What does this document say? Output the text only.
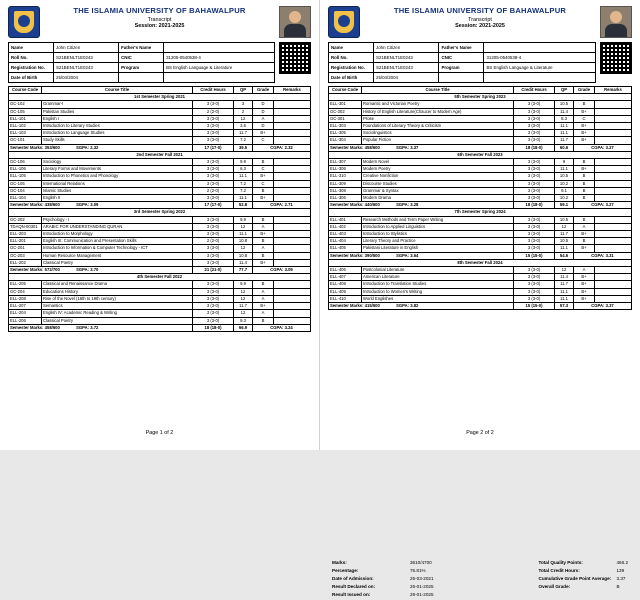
THE ISLAMIA UNIVERSITY OF BAHAWALPUR
Transcript
Session: 2021-2025
Name	John Citizen	Father's Name	
Roll No.	S21BENLT1E0243	CNIC	31205-0540538-4
Registration No.	S21BENLT1E0243	Program	BS English Language & Literature
Date of Birth	25/04/2004		
Course Code	Course Title	Credit Hours	QP	Grade	Remarks
1st Semester Spring 2021					
GC-102	Grammar-I	3 (3-0)	3	D	
GC-105	Pakistan Studies	2 (2-0)	2	D	
ELL-101	English I	3 (3-0)	12	A	
ELL-102	Introduction to Literary Studies	3 (3-0)	3.6	D	
ELL-103	Introduction to Language Studies	3 (3-0)	11.7	B+	
GC-101	Study Skills	3 (3-0)	7.2	C	
Semester Marks: 353/600              SGPA: 2.32		17 (17-0)	39.5	CGPA: 2.32	
2nd Semester Fall 2021					
GC-106	Sociology	3 (3-0)	9.9	B	
ELL-106	Literary Forms and Movements	3 (3-0)	6.3	C	
ELL-105	Introduction to Phonetics and Phonology	3 (3-0)	11.1	B+	
GC-105	International Relations	3 (3-0)	7.2	C	
GC-104	Islamic Studies	2 (2-0)	7.2	B	
ELL-104	English II	3 (3-0)	11.1	B+	
Semester Marks: 438/600              SGPA: 3.09		17 (17-0)	52.8	CGPA: 2.71	
3rd Semester Spring 2022					
GC-202	Psychology - I	3 (3-0)	9.9	B	
TDAQN-00301	ARABIC FOR UNDERSTANDING QURAN	3 (3-0)	12	A	
ELL-203	Introduction to Morphology	3 (3-0)	11.1	B+	
ELL-201	English III: Communication and Presentation Skills	2 (2-0)	10.8	B	
GC-201	Introduction to Information & Computer Technology - ICT	3 (3-0)	12	A	
GC-203	Human Resource Management	3 (3-0)	10.8	B	
ELL-202	Classical Poetry	3 (3-0)	11.4	B+	
Semester Marks: 572/700              SGPA: 3.70		21 (21-0)	77.7	CGPA: 3.09	
4th Semester Fall 2022					
ELL-205	Classical and Renaissance Drama	3 (3-0)	9.9	B	
GC-204	Educations History	3 (3-0)	12	A	
ELL-208	Rise of the Novel (18th to 19th century)	3 (3-0)	12	A	
ELL-207	Semantics	3 (3-0)	11.7	B+	
ELL-204	English IV: Academic Reading & Writing	3 (3-0)	12	A	
ELL-206	Classical Poetry	3 (3-0)	9.3	B	
Semester Marks: 458/600              SGPA: 3.72		18 (18-0)	66.9	CGPA: 3.24	
Page 1 of 2
THE ISLAMIA UNIVERSITY OF BAHAWALPUR
Transcript
Session: 2021-2025
Name	John Citizen	Father's Name	
Roll No.	S21BENLT1E0243	CNIC	31205-0540538-4
Registration No.	S21BENLT1E0243	Program	BS English Language & Literature
Date of Birth	25/04/2004		
Course Code	Course Title	Credit Hours	QP	Grade	Remarks
5th Semester Spring 2023					
ELL-301	Romantic and Victorian Poetry	3 (3-0)	10.5	B	
GC-302	History of English Literature(Chaucer to Modern Age)	3 (3-0)	11.4	B+	
GC-301	Prose	3 (3-0)	8.3	C	
ELL-303	Foundations of Literary Theory & Criticism	3 (3-0)	11.1	B+	
ELL-305	Sociolinguistics	3 (3-0)	11.1	B+	
ELL-304	Popular Fiction	3 (3-0)	11.7	B+	
Semester Marks: 458/600              SGPA: 3.37		18 (18-0)	60.6	CGPA: 3.27	
6th Semester Fall 2023					
ELL-307	Modern Novel	3 (3-0)	9	B	
ELL-306	Modern Poetry	3 (3-0)	11.1	B+	
ELL-310	Creative Nonfiction	3 (3-0)	10.5	B	
ELL-309	Discourse Studies	3 (3-0)	10.2	B	
ELL-308	Grammar & Syntax	3 (3-0)	9.1	B	
ELL-306	Modern Drama	3 (3-0)	10.2	B	
Semester Marks: 440/600              SGPA: 3.28		18 (18-0)	59.1	CGPA: 3.27	
7th Semester Spring 2024					
ELL-401	Research Methods and Term Paper Writing	3 (3-0)	10.5	B	
ELL-402	Introduction to Applied Linguistics	3 (3-0)	12	A	
ELL-403	Introduction to Stylistics	3 (3-0)	11.7	B+	
ELL-404	Literary Theory and Practice	3 (3-0)	10.5	B	
ELL-405	Pakistani Literature in English	3 (3-0)	11.1	B+	
Semester Marks: 390/500              SGPA: 3.64		15 (15-0)	54.6	CGPA: 3.31	
8th Semester Fall 2024					
ELL-406	Postcolonial Literature	3 (3-0)	12	A	
ELL-407	American Literature	3 (3-0)	11.4	B+	
ELL-408	Introduction to Translation Studies	3 (3-0)	11.7	B+	
ELL-409	Introduction to Women's Writing	3 (3-0)	11.1	B+	
ELL-410	World Englishes	3 (3-0)	11.1	B+	
Semester Marks: 415/500              SGPA: 3.82		15 (15-0)	57.3	CGPA: 3.37	
Marks:	3610/4700
Percentage:	76.81%
Date of Admission:	25-03-2021
Result Declared on:	26-01-2025
Result Issued on:	29-01-2025
Total Quality Points:	466.2
Total Credit Hours:	139
Cumulative Grade Point Average: 3.37
Overall Grade:	B
Page 2 of 2
